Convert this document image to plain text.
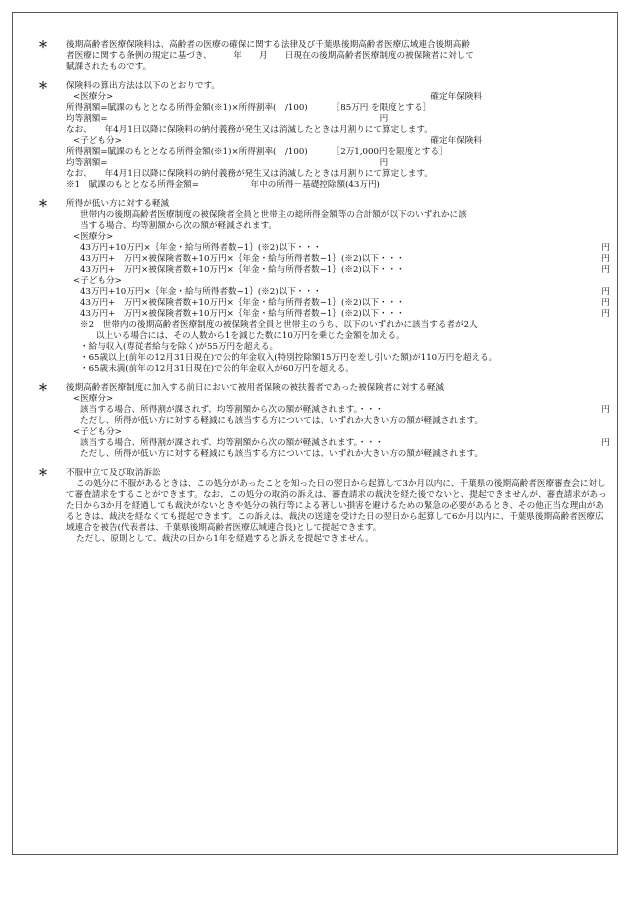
＊ 後期高齢者医療保険料は、高齢者の医療の確保に関する法律及び千葉県後期高齢者医療広域連合後期高齢
者医療に関する条例の規定に基づき、　　　年　　月　　日現在の後期高齢者医療制度の被保険者に対して
賦課されたものです。
＊ 保険料の算出方法は以下のとおりです。
<医療分>	確定年保険料
所得割額=賦課のもととなる所得金額(※1)×所得割率(　/100)	［85万円 を限度とする］
均等割額=	円
なお、　　年4月1日以降に保険料の納付義務が発生又は消滅したときは月割りにて算定します。
<子ども分>	確定年保険料
所得割額=賦課のもととなる所得金額(※1)×所得割率(　/100)	［2万1,000円を限度とする］
均等割額=	円
なお、　　年4月1日以降に保険料の納付義務が発生又は消滅したときは月割りにて算定します。
※1　賦課のもととなる所得金額=　　　　　　年中の所得－基礎控除額(43万円)
＊ 所得が低い方に対する軽減
世帯内の後期高齢者医療制度の被保険者全員と世帯主の総所得金額等の合計額が以下のいずれかに該
当する場合、均等割額から次の額が軽減されます。
<医療分>
43万円+10万円×｛年金・給与所得者数−1｝(※2)以下・・・	円
43万円+　万円×被保険者数+10万円×｛年金・給与所得者数−1｝(※2)以下・・・	円
43万円+　万円×被保険者数+10万円×｛年金・給与所得者数−1｝(※2)以下・・・	円
<子ども分>
43万円+10万円×｛年金・給与所得者数−1｝(※2)以下・・・	円
43万円+　万円×被保険者数+10万円×｛年金・給与所得者数−1｝(※2)以下・・・	円
43万円+　万円×被保険者数+10万円×｛年金・給与所得者数−1｝(※2)以下・・・	円
※2　世帯内の後期高齢者医療制度の被保険者全員と世帯主のうち、以下のいずれかに該当する者が2人
以上いる場合には、その人数から1を減じた数に10万円を乗じた金額を加える。
・給与収入(専従者給与を除く)が55万円を超える。
・65歳以上(前年の12月31日現在)で公的年金収入(特別控除額15万円を差し引いた額)が110万円を超える。
・65歳未満(前年の12月31日現在)で公的年金収入が60万円を超える。
＊ 後期高齢者医療制度に加入する前日において被用者保険の被扶養者であった被保険者に対する軽減
<医療分>
該当する場合、所得割が課されず、均等割額から次の額が軽減されます。・・・	円
ただし、所得が低い方に対する軽減にも該当する方については、いずれか大きい方の額が軽減されます。
<子ども分>
該当する場合、所得割が課されず、均等割額から次の額が軽減されます。・・・	円
ただし、所得が低い方に対する軽減にも該当する方については、いずれか大きい方の額が軽減されます。
＊ 不服申立て及び取消訴訟
この処分に不服があるときは、この処分があったことを知った日の翌日から起算して3か月以内に、千葉県の後期高齢者医療審査会に対して審査請求をすることができます。なお、この処分の取消の訴えは、審査請求の裁決を経た後でないと、提起できませんが、審査請求があった日から3か月を経過しても裁決がないときや処分の執行等による著しい損害を避けるための緊急の必要があるとき、その他正当な理由があるときは、裁決を経なくても提起できます。この訴えは、裁決の送達を受けた日の翌日から起算して6か月以内に、千葉県後期高齢者医療広域連合を被告(代表者は、千葉県後期高齢者医療広域連合長)として提起できます。
ただし、原則として、裁決の日から1年を経過すると訴えを提起できません。
